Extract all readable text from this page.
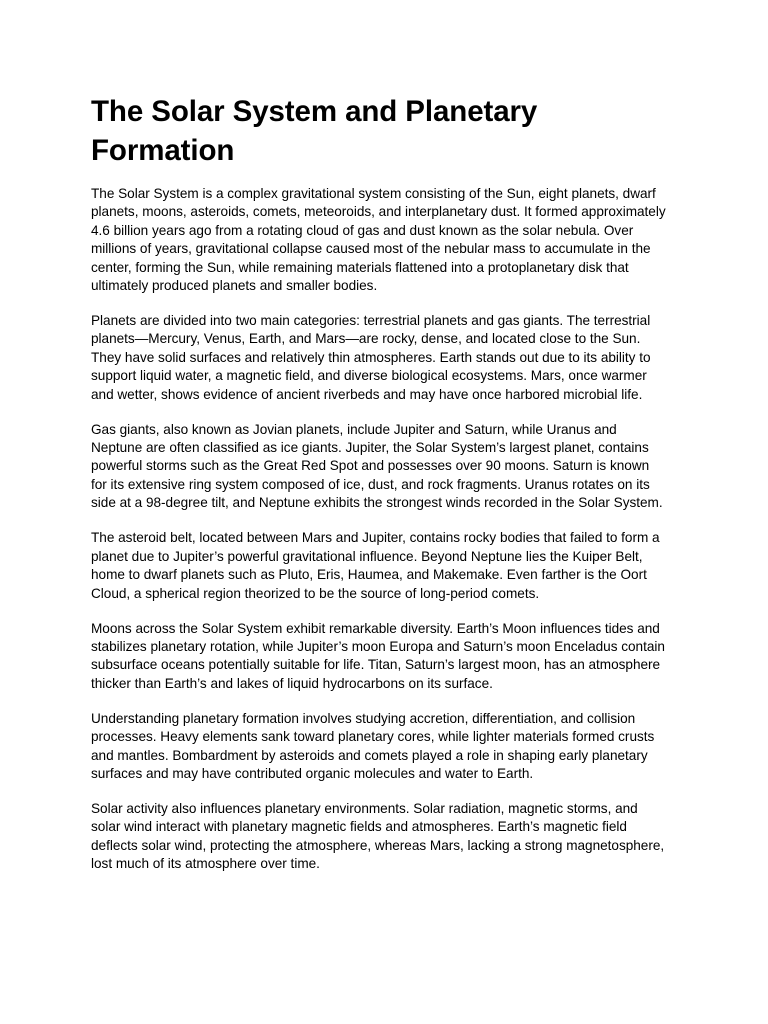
The Solar System and Planetary
Formation

The Solar System is a complex gravitational system consisting of the Sun, eight planets, dwarf
planets, moons, asteroids, comets, meteoroids, and interplanetary dust. It formed approximately
4.6 billion years ago from a rotating cloud of gas and dust known as the solar nebula. Over
millions of years, gravitational collapse caused most of the nebular mass to accumulate in the
center, forming the Sun, while remaining materials flattened into a protoplanetary disk that
ultimately produced planets and smaller bodies.

Planets are divided into two main categories: terrestrial planets and gas giants. The terrestrial
planets—Mercury, Venus, Earth, and Mars—are rocky, dense, and located close to the Sun.
They have solid surfaces and relatively thin atmospheres. Earth stands out due to its ability to
support liquid water, a magnetic field, and diverse biological ecosystems. Mars, once warmer
and wetter, shows evidence of ancient riverbeds and may have once harbored microbial life.

Gas giants, also known as Jovian planets, include Jupiter and Saturn, while Uranus and
Neptune are often classified as ice giants. Jupiter, the Solar System’s largest planet, contains
powerful storms such as the Great Red Spot and possesses over 90 moons. Saturn is known
for its extensive ring system composed of ice, dust, and rock fragments. Uranus rotates on its
side at a 98-degree tilt, and Neptune exhibits the strongest winds recorded in the Solar System.

The asteroid belt, located between Mars and Jupiter, contains rocky bodies that failed to form a
planet due to Jupiter’s powerful gravitational influence. Beyond Neptune lies the Kuiper Belt,
home to dwarf planets such as Pluto, Eris, Haumea, and Makemake. Even farther is the Oort
Cloud, a spherical region theorized to be the source of long-period comets.

Moons across the Solar System exhibit remarkable diversity. Earth’s Moon influences tides and
stabilizes planetary rotation, while Jupiter’s moon Europa and Saturn’s moon Enceladus contain
subsurface oceans potentially suitable for life. Titan, Saturn’s largest moon, has an atmosphere
thicker than Earth’s and lakes of liquid hydrocarbons on its surface.

Understanding planetary formation involves studying accretion, differentiation, and collision
processes. Heavy elements sank toward planetary cores, while lighter materials formed crusts
and mantles. Bombardment by asteroids and comets played a role in shaping early planetary
surfaces and may have contributed organic molecules and water to Earth.

Solar activity also influences planetary environments. Solar radiation, magnetic storms, and
solar wind interact with planetary magnetic fields and atmospheres. Earth’s magnetic field
deflects solar wind, protecting the atmosphere, whereas Mars, lacking a strong magnetosphere,
lost much of its atmosphere over time.
